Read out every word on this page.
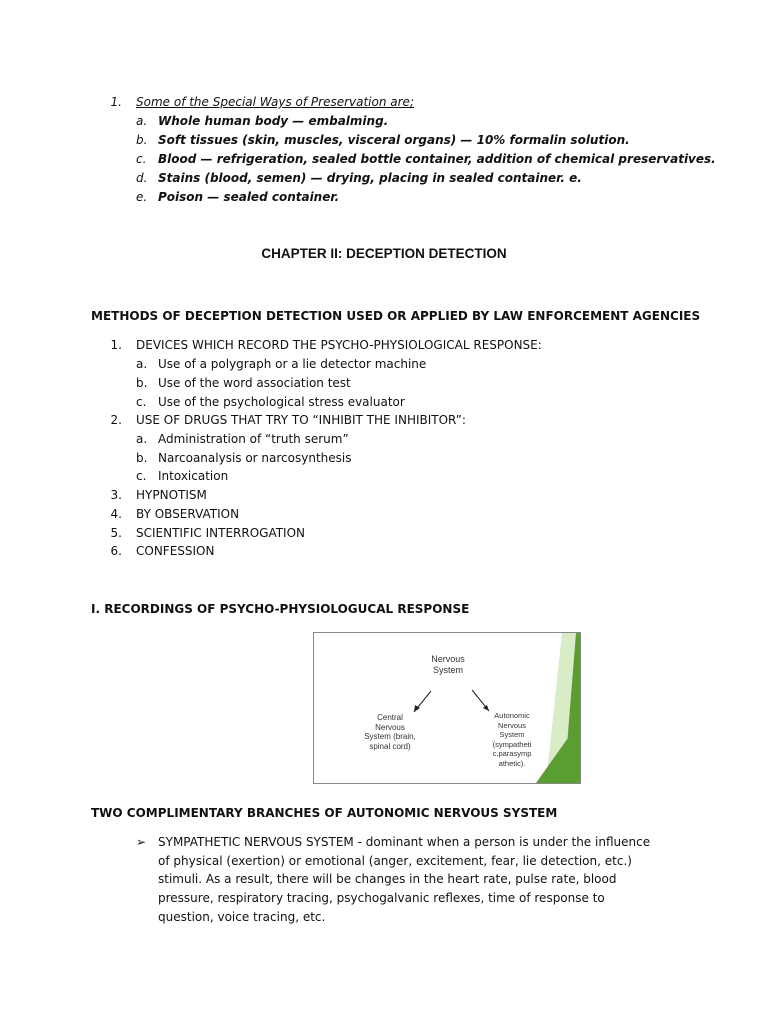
1. Some of the Special Ways of Preservation are;
a. Whole human body — embalming.
b. Soft tissues (skin, muscles, visceral organs) — 10% formalin solution.
c. Blood — refrigeration, sealed bottle container, addition of chemical preservatives.
d. Stains (blood, semen) — drying, placing in sealed container. e.
e. Poison — sealed container.
CHAPTER II: DECEPTION DETECTION
METHODS OF DECEPTION DETECTION USED OR APPLIED BY LAW ENFORCEMENT AGENCIES
1. DEVICES WHICH RECORD THE PSYCHO-PHYSIOLOGICAL RESPONSE:
a. Use of a polygraph or a lie detector machine
b. Use of the word association test
c. Use of the psychological stress evaluator
2. USE OF DRUGS THAT TRY TO “INHIBIT THE INHIBITOR”:
a. Administration of “truth serum”
b. Narcoanalysis or narcosynthesis
c. Intoxication
3. HYPNOTISM
4. BY OBSERVATION
5. SCIENTIFIC INTERROGATION
6. CONFESSION
I. RECORDINGS OF PSYCHO-PHYSIOLOGUCAL RESPONSE
Nervous
System
Central
Nervous
System (brain,
spinal cord)
Autonomic
Nervous
System
(sympatheti
c,parasymp
athetic).
TWO COMPLIMENTARY BRANCHES OF AUTONOMIC NERVOUS SYSTEM
➢ SYMPATHETIC NERVOUS SYSTEM - dominant when a person is under the influence of physical (exertion) or emotional (anger, excitement, fear, lie detection, etc.) stimuli. As a result, there will be changes in the heart rate, pulse rate, blood pressure, respiratory tracing, psychogalvanic reflexes, time of response to question, voice tracing, etc.
